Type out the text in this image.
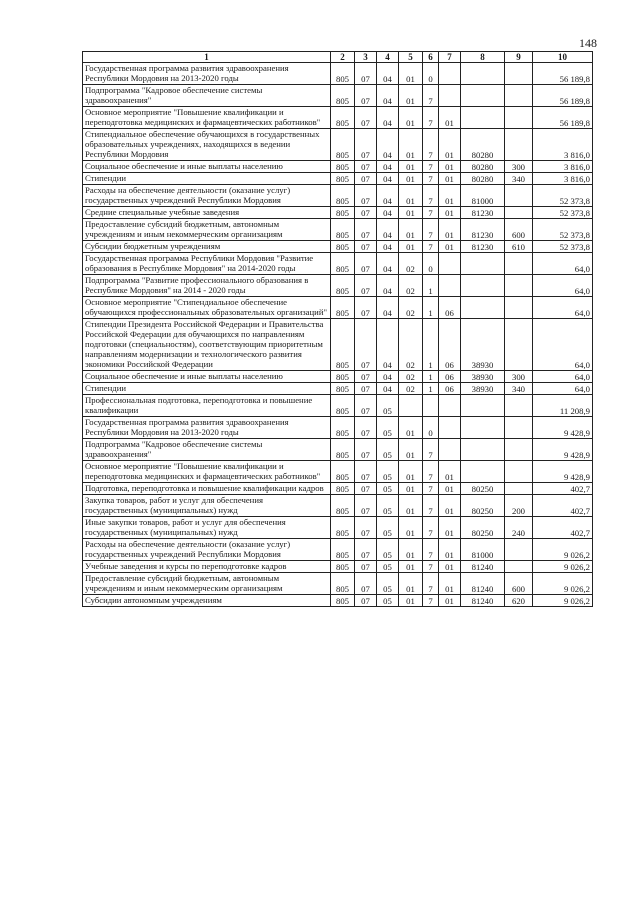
148
1	2	3	4	5	6	7	8	9	10
Государственная программа развития здравоохранения Республики Мордовия на 2013-2020 годы	805	07	04	01	0				56 189,8
Подпрограмма "Кадровое обеспечение системы здравоохранения"	805	07	04	01	7				56 189,8
Основное мероприятие "Повышение квалификации и переподготовка медицинских и фармацевтических работников"	805	07	04	01	7	01			56 189,8
Стипендиальное обеспечение обучающихся в государственных образовательных учреждениях, находящихся в ведении Республики Мордовия	805	07	04	01	7	01	80280		3 816,0
Социальное обеспечение и иные выплаты населению	805	07	04	01	7	01	80280	300	3 816,0
Стипендии	805	07	04	01	7	01	80280	340	3 816,0
Расходы на обеспечение деятельности (оказание услуг) государственных учреждений Республики Мордовия	805	07	04	01	7	01	81000		52 373,8
Средние специальные учебные заведения	805	07	04	01	7	01	81230		52 373,8
Предоставление субсидий бюджетным, автономным учреждениям и иным некоммерческим организациям	805	07	04	01	7	01	81230	600	52 373,8
Субсидии бюджетным учреждениям	805	07	04	01	7	01	81230	610	52 373,8
Государственная программа Республики Мордовия "Развитие образования в Республике Мордовия" на 2014-2020 годы	805	07	04	02	0				64,0
Подпрограмма "Развитие профессионального образования в Республике Мордовия" на 2014 - 2020 годы	805	07	04	02	1				64,0
Основное мероприятие "Стипендиальное обеспечение обучающихся профессиональных образовательных организаций"	805	07	04	02	1	06			64,0
Стипендии Президента Российской Федерации и Правительства Российской Федерации для обучающихся по направлениям подготовки (специальностям), соответствующим приоритетным направлениям модернизации и технологического развития экономики Российской Федерации	805	07	04	02	1	06	38930		64,0
Социальное обеспечение и иные выплаты населению	805	07	04	02	1	06	38930	300	64,0
Стипендии	805	07	04	02	1	06	38930	340	64,0
Профессиональная подготовка, переподготовка и повышение квалификации	805	07	05						11 208,9
Государственная программа развития здравоохранения Республики Мордовия на 2013-2020 годы	805	07	05	01	0				9 428,9
Подпрограмма "Кадровое обеспечение системы здравоохранения"	805	07	05	01	7				9 428,9
Основное мероприятие "Повышение квалификации и переподготовка медицинских и фармацевтических работников"	805	07	05	01	7	01			9 428,9
Подготовка, переподготовка и повышение квалификации кадров	805	07	05	01	7	01	80250		402,7
Закупка товаров, работ и услуг для обеспечения государственных (муниципальных) нужд	805	07	05	01	7	01	80250	200	402,7
Иные закупки товаров, работ и услуг для обеспечения государственных (муниципальных) нужд	805	07	05	01	7	01	80250	240	402,7
Расходы на обеспечение деятельности (оказание услуг) государственных учреждений Республики Мордовия	805	07	05	01	7	01	81000		9 026,2
Учебные заведения и курсы по переподготовке кадров	805	07	05	01	7	01	81240		9 026,2
Предоставление субсидий бюджетным, автономным учреждениям и иным некоммерческим организациям	805	07	05	01	7	01	81240	600	9 026,2
Субсидии автономным учреждениям	805	07	05	01	7	01	81240	620	9 026,2
